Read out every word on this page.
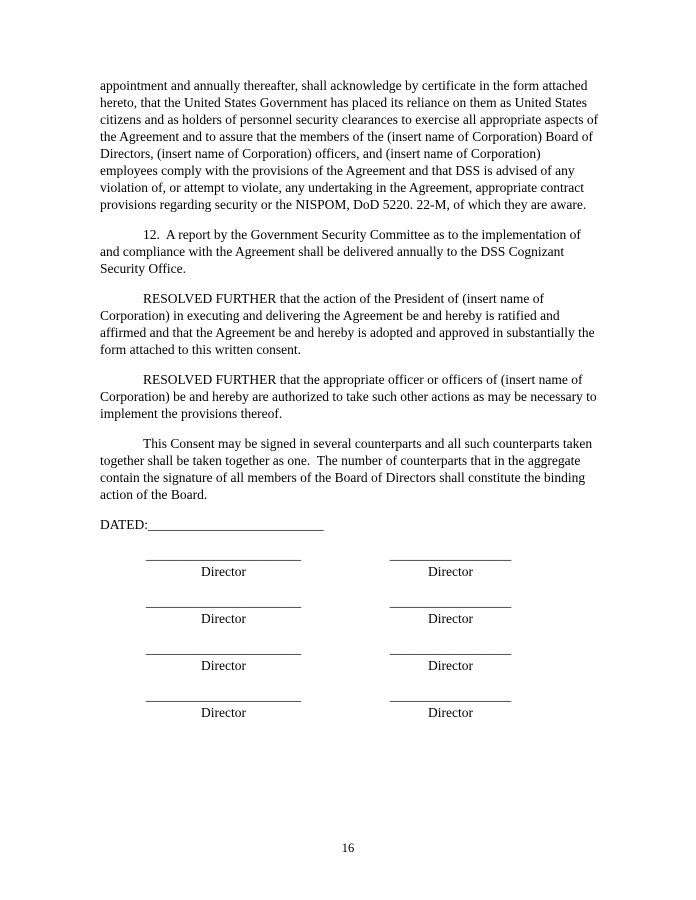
appointment and annually thereafter, shall acknowledge by certificate in the form attached hereto, that the United States Government has placed its reliance on them as United States citizens and as holders of personnel security clearances to exercise all appropriate aspects of the Agreement and to assure that the members of the (insert name of Corporation) Board of Directors, (insert name of Corporation) officers, and (insert name of Corporation) employees comply with the provisions of the Agreement and that DSS is advised of any violation of, or attempt to violate, any undertaking in the Agreement, appropriate contract provisions regarding security or the NISPOM, DoD 5220. 22-M, of which they are aware.

12.  A report by the Government Security Committee as to the implementation of and compliance with the Agreement shall be delivered annually to the DSS Cognizant Security Office.

RESOLVED FURTHER that the action of the President of (insert name of Corporation) in executing and delivering the Agreement be and hereby is ratified and affirmed and that the Agreement be and hereby is adopted and approved in substantially the form attached to this written consent.

RESOLVED FURTHER that the appropriate officer or officers of (insert name of Corporation) be and hereby are authorized to take such other actions as may be necessary to implement the provisions thereof.

This Consent may be signed in several counterparts and all such counterparts taken together shall be taken together as one.  The number of counterparts that in the aggregate contain the signature of all members of the Board of Directors shall constitute the binding action of the Board.

DATED:__________________________
_______________________
Director
__________________
Director
_______________________
Director
__________________
Director
_______________________
Director
__________________
Director
_______________________
Director
__________________
Director
16
